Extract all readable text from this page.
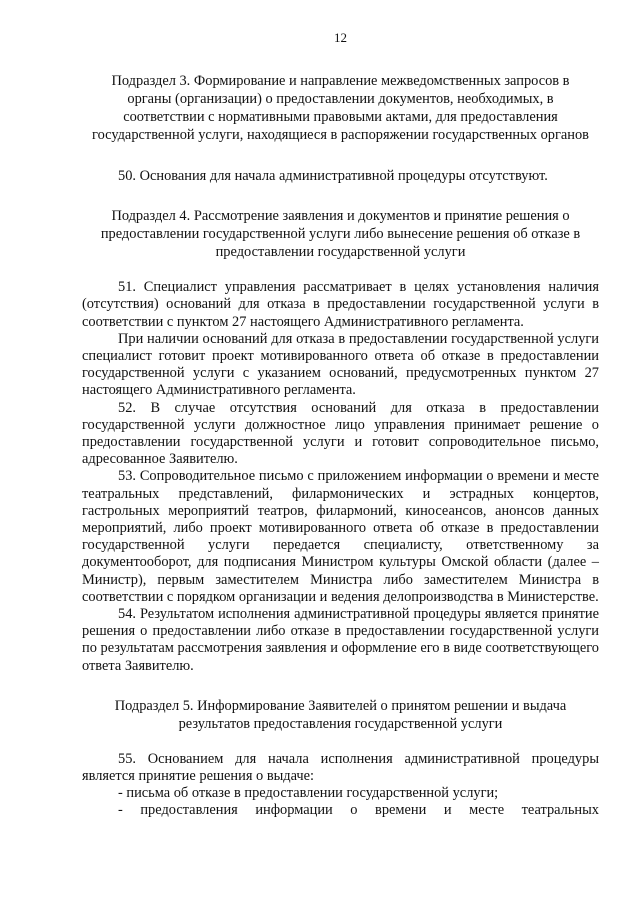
12
Подраздел 3. Формирование и направление межведомственных запросов в органы (организации) о предоставлении документов, необходимых, в соответствии с нормативными правовыми актами, для предоставления государственной услуги, находящиеся в распоряжении государственных органов

50. Основания для начала административной процедуры отсутствуют.

Подраздел 4. Рассмотрение заявления и документов и принятие решения о предоставлении государственной услуги либо вынесение решения об отказе в предоставлении государственной услуги

51. Специалист управления рассматривает в целях установления наличия (отсутствия) оснований для отказа в предоставлении государственной услуги в соответствии с пунктом 27 настоящего Административного регламента.

При наличии оснований для отказа в предоставлении государственной услуги специалист готовит проект мотивированного ответа об отказе в предоставлении государственной услуги с указанием оснований, предусмотренных пунктом 27 настоящего Административного регламента.

52. В случае отсутствия оснований для отказа в предоставлении государственной услуги должностное лицо управления принимает решение о предоставлении государственной услуги и готовит сопроводительное письмо, адресованное Заявителю.

53. Сопроводительное письмо с приложением информации о времени и месте театральных представлений, филармонических и эстрадных концертов, гастрольных мероприятий театров, филармоний, киносеансов, анонсов данных мероприятий, либо проект мотивированного ответа об отказе в предоставлении государственной услуги передается специалисту, ответственному за документооборот, для подписания Министром культуры Омской области (далее – Министр), первым заместителем Министра либо заместителем Министра в соответствии с порядком организации и ведения делопроизводства в Министерстве.

54. Результатом исполнения административной процедуры является принятие решения о предоставлении либо отказе в предоставлении государственной услуги по результатам рассмотрения заявления и оформление его в виде соответствующего ответа Заявителю.

Подраздел 5. Информирование Заявителей о принятом решении и выдача результатов предоставления государственной услуги

55. Основанием для начала исполнения административной процедуры является принятие решения о выдаче:

- письма об отказе в предоставлении государственной услуги;

- предоставления информации о времени и месте театральных
